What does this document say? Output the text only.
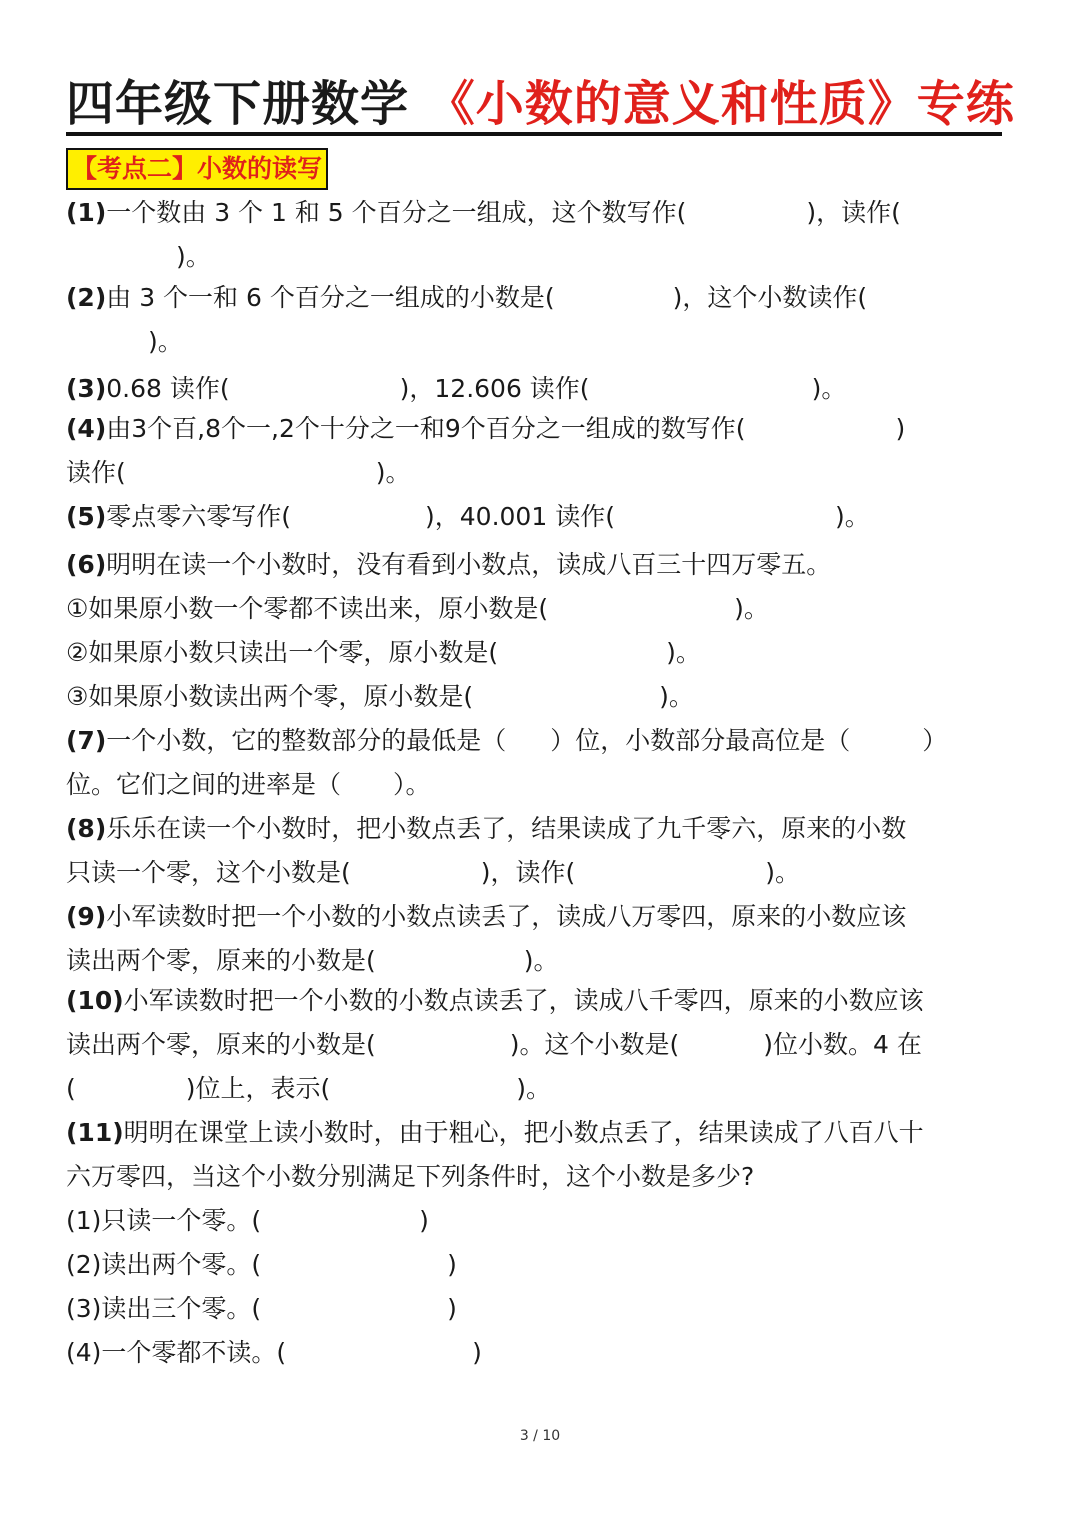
四年级下册数学 《小数的意义和性质》专练
【考点二】小数的读写
(1)一个数由 3 个 1 和 5 个百分之一组成，这个数写作(	)，读作(
)。
(2)由 3 个一和 6 个百分之一组成的小数是(	)，这个小数读作(
)。
(3)0.68 读作(	)，12.606 读作(	)。
(4)由3个百,8个一,2个十分之一和9个百分之一组成的数写作(	)
读作(	)。
(5)零点零六零写作(	)，40.001 读作(	)。
(6)明明在读一个小数时，没有看到小数点，读成八百三十四万零五。
①如果原小数一个零都不读出来，原小数是(	)。
②如果原小数只读出一个零，原小数是(	)。
③如果原小数读出两个零，原小数是(	)。
(7)一个小数，它的整数部分的最低是（ ）位，小数部分最高位是（	）
位。它们之间的进率是（ ）。
(8)乐乐在读一个小数时，把小数点丢了，结果读成了九千零六，原来的小数
只读一个零，这个小数是(	)，读作(	)。
(9)小军读数时把一个小数的小数点读丢了，读成八万零四，原来的小数应该
读出两个零，原来的小数是(	)。
(10)小军读数时把一个小数的小数点读丢了，读成八千零四，原来的小数应该
读出两个零，原来的小数是(	)。这个小数是(	)位小数。4 在
(	)位上，表示(	)。
(11)明明在课堂上读小数时，由于粗心，把小数点丢了，结果读成了八百八十
六万零四，当这个小数分别满足下列条件时，这个小数是多少?
(1)只读一个零。(	)
(2)读出两个零。(	)
(3)读出三个零。(	)
(4)一个零都不读。(	)
3 / 10
